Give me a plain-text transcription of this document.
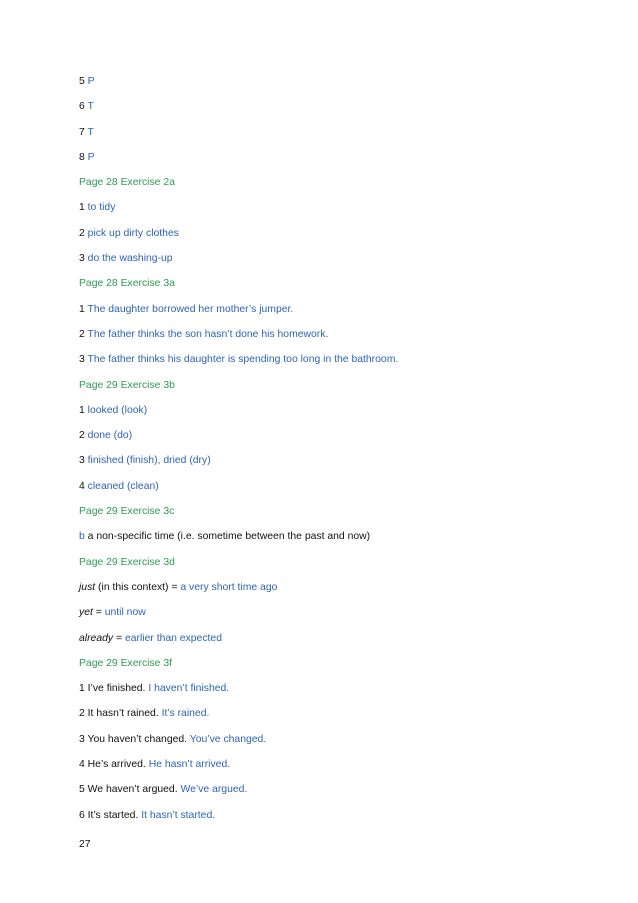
5 P
6 T
7 T
8 P
Page 28 Exercise 2a
1 to tidy
2 pick up dirty clothes
3 do the washing-up
Page 28 Exercise 3a
1 The daughter borrowed her mother’s jumper.
2 The father thinks the son hasn’t done his homework.
3 The father thinks his daughter is spending too long in the bathroom.
Page 29 Exercise 3b
1 looked (look)
2 done (do)
3 finished (finish), dried (dry)
4 cleaned (clean)
Page 29 Exercise 3c
b a non-specific time (i.e. sometime between the past and now)
Page 29 Exercise 3d
just (in this context) = a very short time ago
yet = until now
already = earlier than expected
Page 29 Exercise 3f
1 I’ve finished. I haven’t finished.
2 It hasn’t rained. It’s rained.
3 You haven’t changed. You’ve changed.
4 He’s arrived. He hasn’t arrived.
5 We haven’t argued. We’ve argued.
6 It’s started. It hasn’t started.
27
